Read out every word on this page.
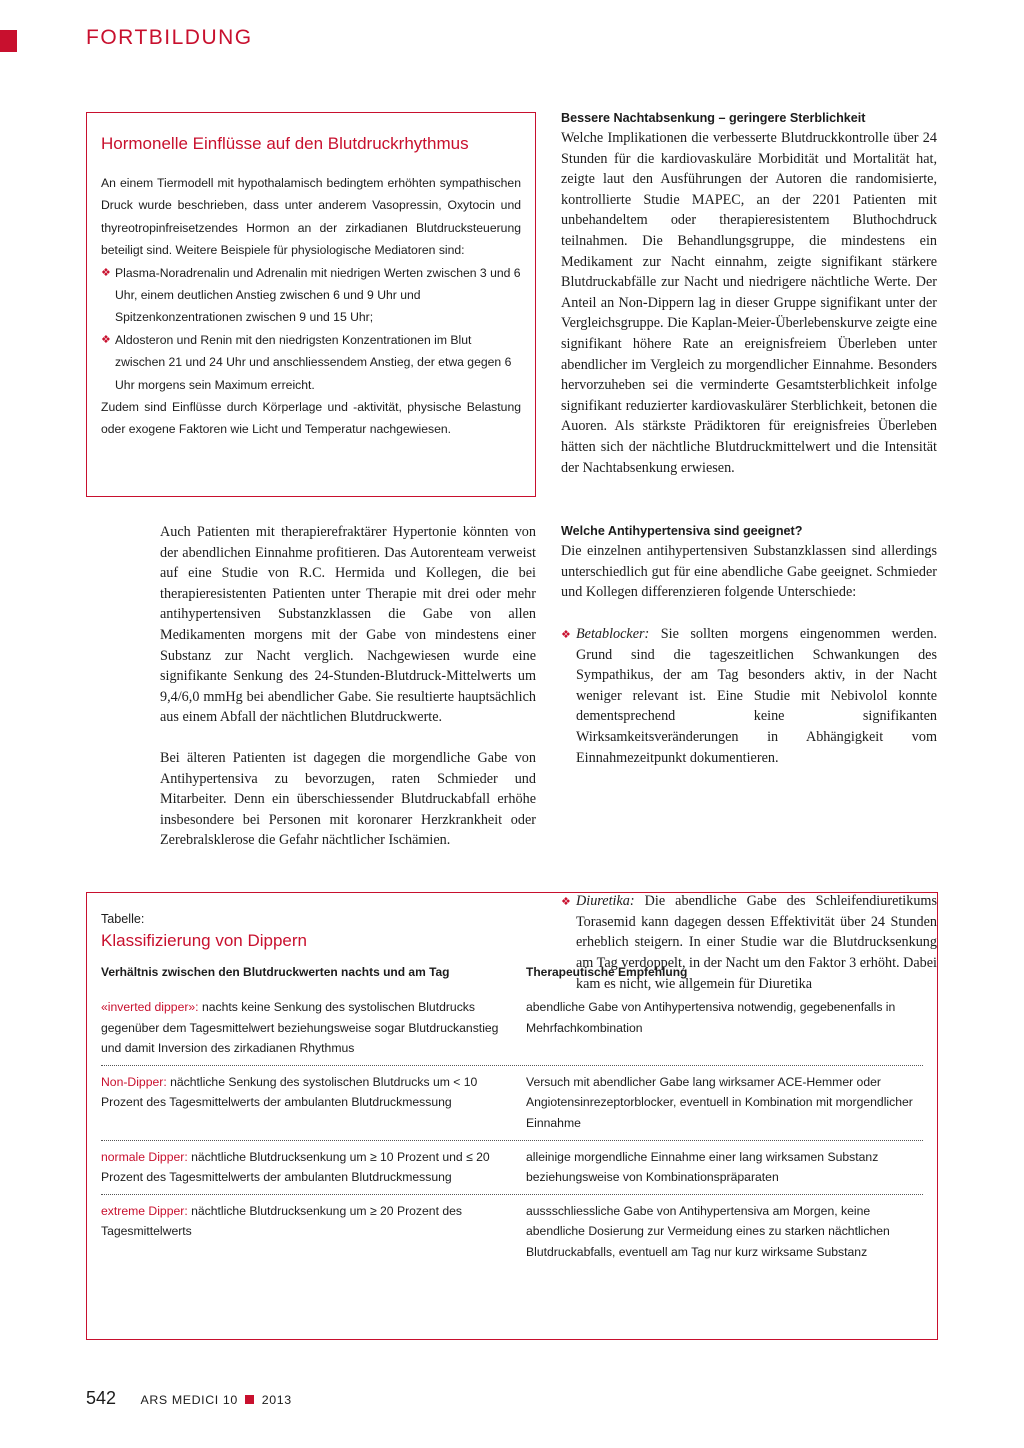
FORTBILDUNG
Hormonelle Einflüsse auf den Blutdruckrhythmus

An einem Tiermodell mit hypothalamisch bedingtem erhöhten sympathischen Druck wurde beschrieben, dass unter anderem Vasopressin, Oxytocin und thyreotropinfreisetzendes Hormon an der zirkadianen Blutdrucksteuerung beteiligt sind. Weitere Beispiele für physiologische Mediatoren sind:

❖ Plasma-Noradrenalin und Adrenalin mit niedrigen Werten zwischen 3 und 6 Uhr, einem deutlichen Anstieg zwischen 6 und 9 Uhr und Spitzenkonzentrationen zwischen 9 und 15 Uhr;
❖ Aldosteron und Renin mit den niedrigsten Konzentrationen im Blut zwischen 21 und 24 Uhr und anschliessendem Anstieg, der etwa gegen 6 Uhr morgens sein Maximum erreicht.

Zudem sind Einflüsse durch Körperlage und -aktivität, physische Belastung oder exogene Faktoren wie Licht und Temperatur nachgewiesen.

Auch Patienten mit therapierefraktärer Hypertonie könnten von der abendlichen Einnahme profitieren. Das Autorenteam verweist auf eine Studie von R.C. Hermida und Kollegen, die bei therapieresistenten Patienten unter Therapie mit drei oder mehr antihypertensiven Substanzklassen die Gabe von allen Medikamenten morgens mit der Gabe von mindestens einer Substanz zur Nacht verglich. Nachgewiesen wurde eine signifikante Senkung des 24-Stunden-Blutdruck-Mittelwerts um 9,4/6,0 mmHg bei abendlicher Gabe. Sie resultierte hauptsächlich aus einem Abfall der nächtlichen Blutdruckwerte.

Bei älteren Patienten ist dagegen die morgendliche Gabe von Antihypertensiva zu bevorzugen, raten Schmieder und Mitarbeiter. Denn ein überschiessender Blutdruckabfall erhöhe insbesondere bei Personen mit koronarer Herzkrankheit oder Zerebralsklerose die Gefahr nächtlicher Ischämien.

Bessere Nachtabsenkung – geringere Sterblichkeit

Welche Implikationen die verbesserte Blutdruckkontrolle über 24 Stunden für die kardiovaskuläre Morbidität und Mortalität hat, zeigte laut den Ausführungen der Autoren die randomisierte, kontrollierte Studie MAPEC, an der 2201 Patienten mit unbehandeltem oder therapieresistentem Bluthochdruck teilnahmen. Die Behandlungsgruppe, die mindestens ein Medikament zur Nacht einnahm, zeigte signifikant stärkere Blutdruckabfälle zur Nacht und niedrigere nächtliche Werte. Der Anteil an Non-Dippern lag in dieser Gruppe signifikant unter der Vergleichsgruppe. Die Kaplan-Meier-Überlebenskurve zeigte eine signifikant höhere Rate an ereignisfreiem Überleben unter abendlicher im Vergleich zu morgendlicher Einnahme. Besonders hervorzuheben sei die verminderte Gesamtsterblichkeit infolge signifikant reduzierter kardiovaskulärer Sterblichkeit, betonen die Auoren. Als stärkste Prädiktoren für ereignisfreies Überleben hätten sich der nächtliche Blutdruckmittelwert und die Intensität der Nachtabsenkung erwiesen.

Welche Antihypertensiva sind geeignet?

Die einzelnen antihypertensiven Substanzklassen sind allerdings unterschiedlich gut für eine abendliche Gabe geeignet. Schmieder und Kollegen differenzieren folgende Unterschiede:

❖ Betablocker: Sie sollten morgens eingenommen werden. Grund sind die tageszeitlichen Schwankungen des Sympathikus, der am Tag besonders aktiv, in der Nacht weniger relevant ist. Eine Studie mit Nebivolol konnte dementsprechend keine signifikanten Wirksamkeitsveränderungen in Abhängigkeit vom Einnahmezeitpunkt dokumentieren.
❖ Diuretika: Die abendliche Gabe des Schleifendiuretikums Torasemid kann dagegen dessen Effektivität über 24 Stunden erheblich steigern. In einer Studie war die Blutdrucksenkung am Tag verdoppelt, in der Nacht um den Faktor 3 erhöht. Dabei kam es nicht, wie allgemein für Diuretika
Tabelle:
Klassifizierung von Dippern
Verhältnis zwischen den Blutdruckwerten nachts und am Tag	Therapeutische Empfehlung
«inverted dipper»: nachts keine Senkung des systolischen Blutdrucks gegenüber dem Tagesmittelwert beziehungsweise sogar Blutdruckanstieg und damit Inversion des zirkadianen Rhythmus
abendliche Gabe von Antihypertensiva notwendig, gegebenenfalls in Mehrfachkombination
Non-Dipper: nächtliche Senkung des systolischen Blutdrucks um < 10 Prozent des Tagesmittelwerts der ambulanten Blutdruckmessung
Versuch mit abendlicher Gabe lang wirksamer ACE-Hemmer oder Angiotensinrezeptorblocker, eventuell in Kombination mit morgendlicher Einnahme
normale Dipper: nächtliche Blutdrucksenkung um ≥ 10 Prozent und ≤ 20 Prozent des Tagesmittelwerts der ambulanten Blutdruckmessung
alleinige morgendliche Einnahme einer lang wirksamen Substanz beziehungsweise von Kombinationspräparaten
extreme Dipper: nächtliche Blutdrucksenkung um ≥ 20 Prozent des Tagesmittelwerts
aussschliessliche Gabe von Antihypertensiva am Morgen, keine abendliche Dosierung zur Vermeidung eines zu starken nächtlichen Blutdruckabfalls, eventuell am Tag nur kurz wirksame Substanz
542 ARS MEDICI 10 2013
